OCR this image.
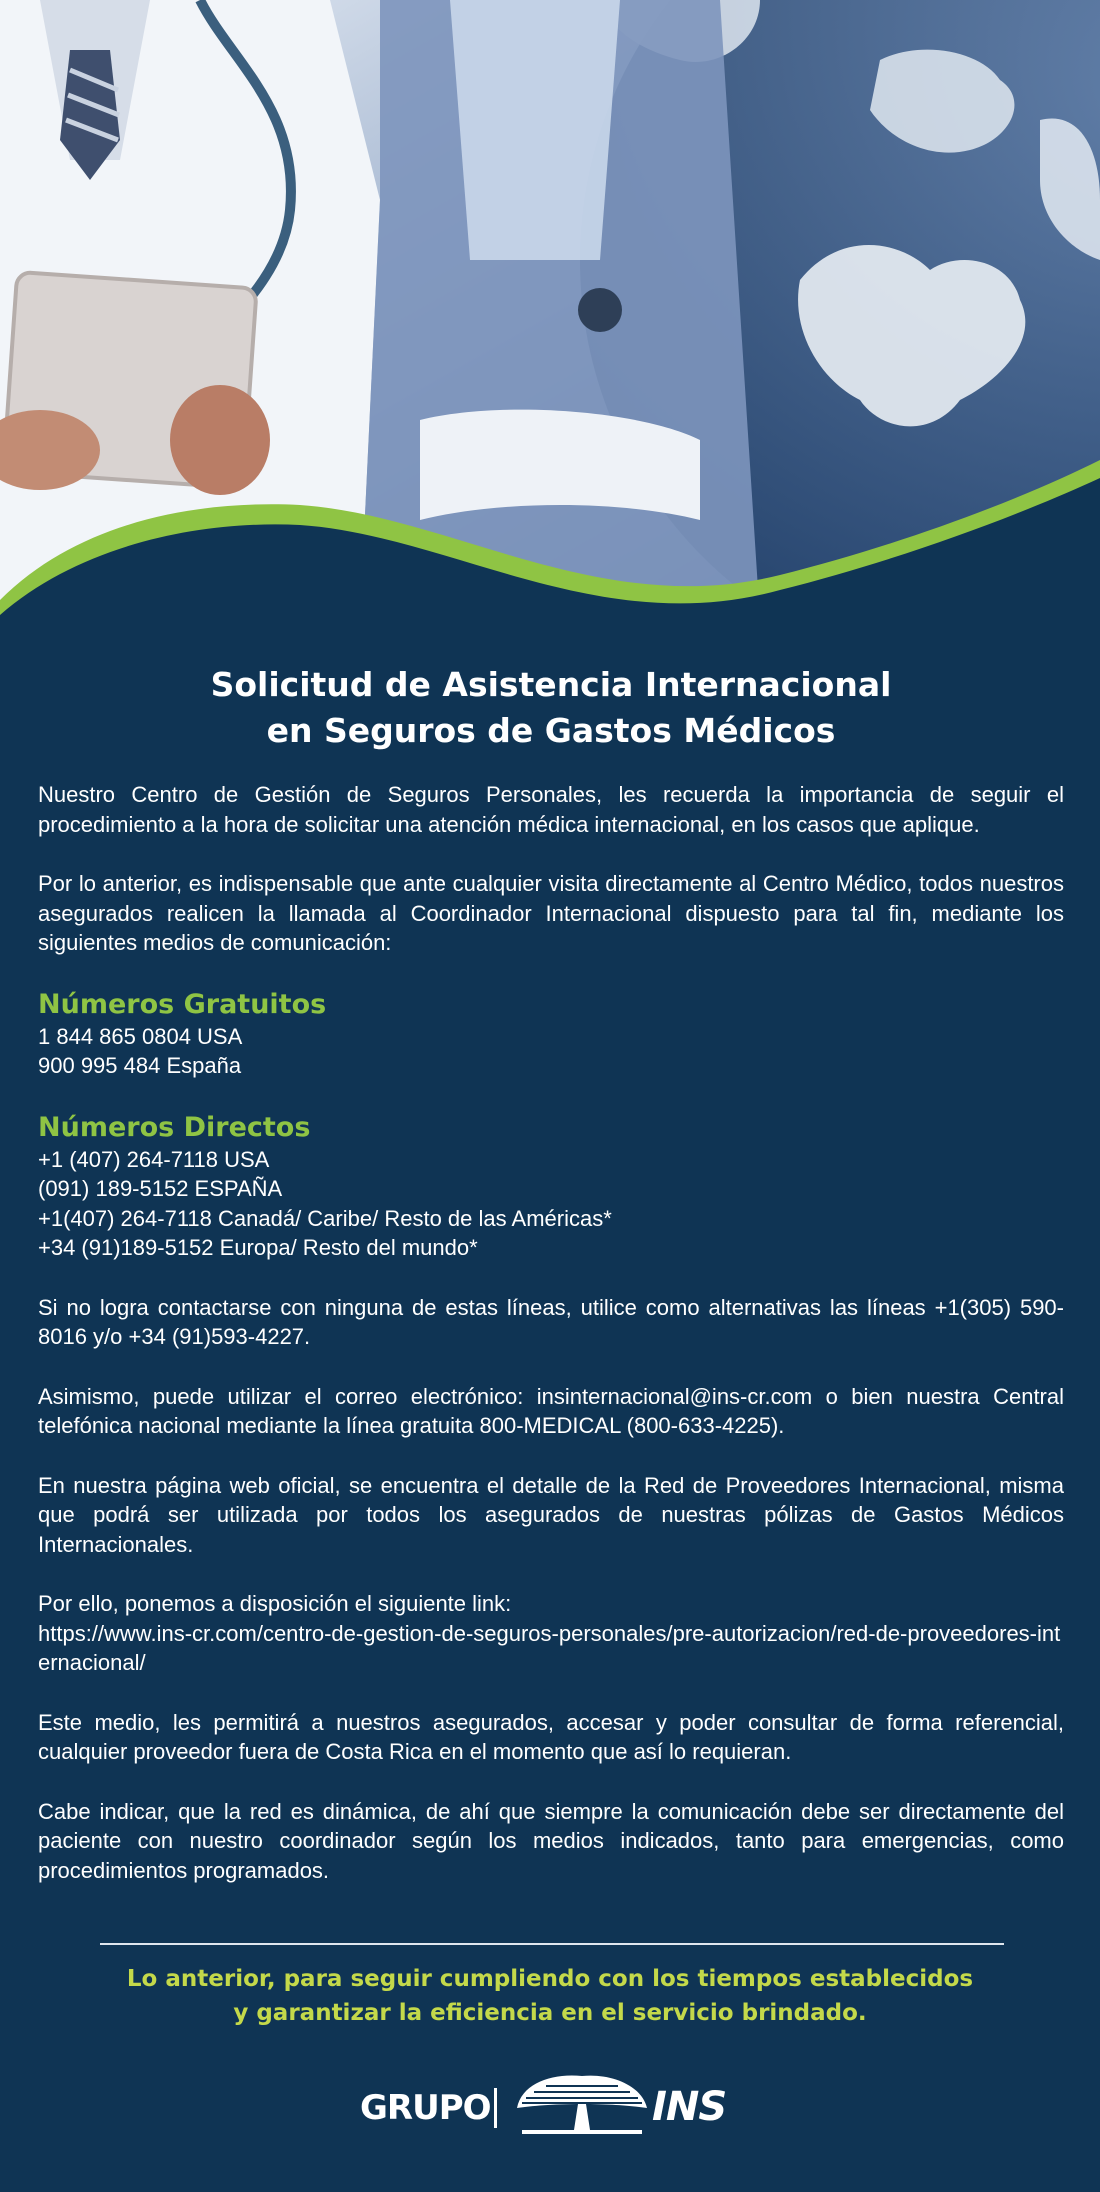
Solicitud de Asistencia Internacional
en Seguros de Gastos Médicos

Nuestro Centro de Gestión de Seguros Personales, les recuerda la importancia de seguir el procedimiento a la hora de solicitar una atención médica internacional, en los casos que aplique.

Por lo anterior, es indispensable que ante cualquier visita directamente al Centro Médico, todos nuestros asegurados realicen la llamada al Coordinador Internacional dispuesto para tal fin, mediante los siguientes medios de comunicación:

Números Gratuitos
1 844 865 0804 USA
900 995 484 España
Números Directos
+1 (407) 264-7118 USA
(091) 189-5152 ESPAÑA
+1(407) 264-7118 Canadá/ Caribe/ Resto de las Américas*
+34 (91)189-5152 Europa/ Resto del mundo*

Si no logra contactarse con ninguna de estas líneas, utilice como alternativas las líneas +1(305) 590-8016 y/o +34 (91)593-4227.

Asimismo, puede utilizar el correo electrónico: insinternacional@ins-cr.com o bien nuestra Central telefónica nacional mediante la línea gratuita 800-MEDICAL (800-633-4225).

En nuestra página web oficial, se encuentra el detalle de la Red de Proveedores Internacional, misma que podrá ser utilizada por todos los asegurados de nuestras pólizas de Gastos Médicos Internacionales.

Por ello, ponemos a disposición el siguiente link:

https://www.ins-cr.com/centro-de-gestion-de-seguros-personales/pre-autorizacion/red-de-proveedores-internacional/

Este medio, les permitirá a nuestros asegurados, accesar y poder consultar de forma referencial, cualquier proveedor fuera de Costa Rica en el momento que así lo requieran.

Cabe indicar, que la red es dinámica, de ahí que siempre la comunicación debe ser directamente del paciente con nuestro coordinador según los medios indicados, tanto para emergencias, como procedimientos programados.

Lo anterior, para seguir cumpliendo con los tiempos establecidos
y garantizar la eficiencia en el servicio brindado.
GRUPO	INS
